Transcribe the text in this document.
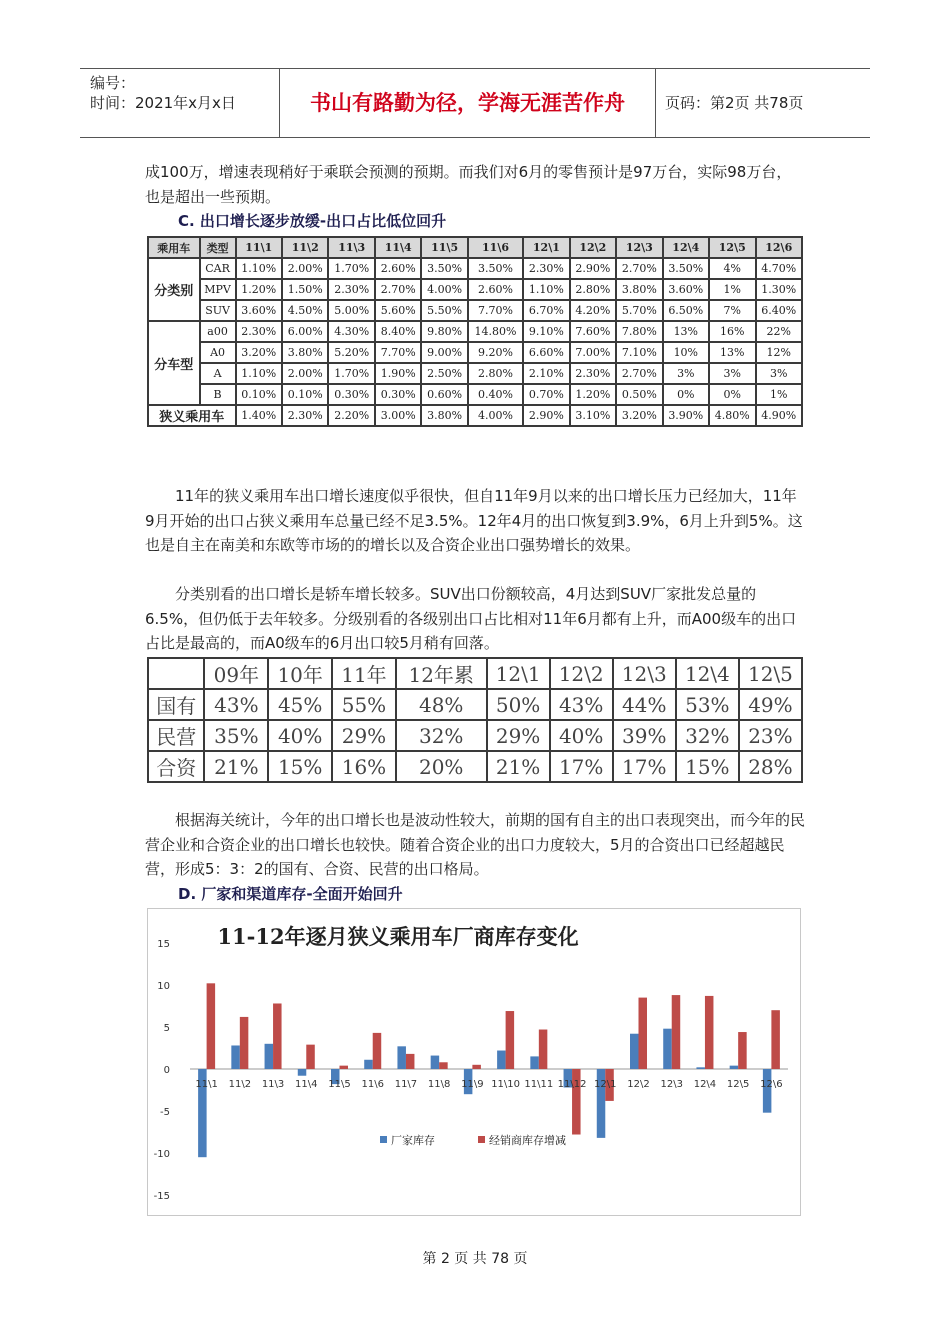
编号：
时间：2021年x月x日	书山有路勤为径，学海无涯苦作舟	页码：第2页 共78页

成100万，增速表现稍好于乘联会预测的预期。而我们对6月的零售预计是97万台，实际98万台，也是超出一些预期。

C. 出口增长逐步放缓-出口占比低位回升
乘用车	类型	11\1	11\2	11\3	11\4	11\5	11\6	12\1	12\2	12\3	12\4	12\5	12\6
分类别	CAR	1.10%	2.00%	1.70%	2.60%	3.50%	3.50%	2.30%	2.90%	2.70%	3.50%	4%	4.70%
	MPV	1.20%	1.50%	2.30%	2.70%	4.00%	2.60%	1.10%	2.80%	3.80%	3.60%	1%	1.30%
	SUV	3.60%	4.50%	5.00%	5.60%	5.50%	7.70%	6.70%	4.20%	5.70%	6.50%	7%	6.40%
分车型	a00	2.30%	6.00%	4.30%	8.40%	9.80%	14.80%	9.10%	7.60%	7.80%	13%	16%	22%
	A0	3.20%	3.80%	5.20%	7.70%	9.00%	9.20%	6.60%	7.00%	7.10%	10%	13%	12%
	A	1.10%	2.00%	1.70%	1.90%	2.50%	2.80%	2.10%	2.30%	2.70%	3%	3%	3%
	B	0.10%	0.10%	0.30%	0.30%	0.60%	0.40%	0.70%	1.20%	0.50%	0%	0%	1%
狭义乘用车		1.40%	2.30%	2.20%	3.00%	3.80%	4.00%	2.90%	3.10%	3.20%	3.90%	4.80%	4.90%

11年的狭义乘用车出口增长速度似乎很快，但自11年9月以来的出口增长压力已经加大，11年9月开始的出口占狭义乘用车总量已经不足3.5%。12年4月的出口恢复到3.9%，6月上升到5%。这也是自主在南美和东欧等市场的的增长以及合资企业出口强势增长的效果。

分类别看的出口增长是轿车增长较多。SUV出口份额较高，4月达到SUV厂家批发总量的6.5%，但仍低于去年较多。分级别看的各级别出口占比相对11年6月都有上升，而A00级车的出口占比是最高的，而A0级车的6月出口较5月稍有回落。

	09年	10年	11年	12年累	12\1	12\2	12\3	12\4	12\5
国有	43%	45%	55%	48%	50%	43%	44%	53%	49%
民营	35%	40%	29%	32%	29%	40%	39%	32%	23%
合资	21%	15%	16%	20%	21%	17%	17%	15%	28%

根据海关统计，今年的出口增长也是波动性较大，前期的国有自主的出口表现突出，而今年的民营企业和合资企业的出口增长也较快。随着合资企业的出口力度较大，5月的合资出口已经超越民营，形成5：3：2的国有、合资、民营的出口格局。

D. 厂家和渠道库存-全面开始回升
11-12年逐月狭义乘用车厂商库存变化
15
10
5
0
-5
-10
-15
11\1 11\2 11\3 11\4 11\5 11\6 11\7 11\8 11\9 11\10 11\11 11\12 12\1 12\2 12\3 12\4 12\5 12\6
厂家库存	经销商库存增减
第 2 页 共 78 页
